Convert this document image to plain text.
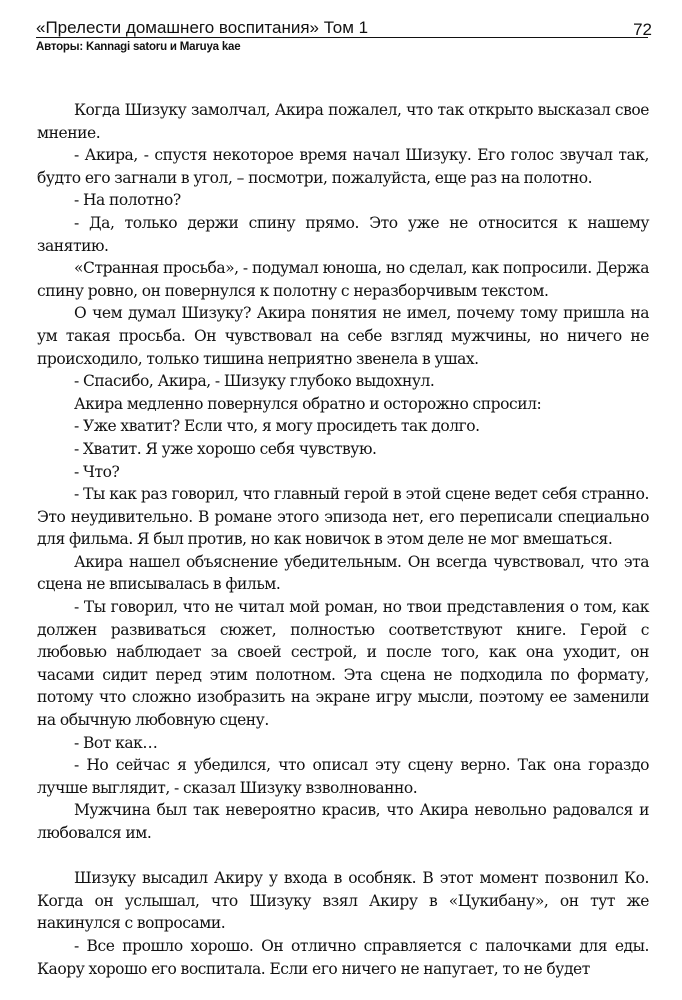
«Прелести домашнего воспитания» Том 1	72
Авторы: Kannagi satoru и Maruya kae

Когда Шизуку замолчал, Акира пожалел, что так открыто высказал свое мнение.

- Акира, - спустя некоторое время начал Шизуку. Его голос звучал так, будто его загнали в угол, – посмотри, пожалуйста, еще раз на полотно.

- На полотно?

- Да, только держи спину прямо. Это уже не относится к нашему занятию.

«Странная просьба», - подумал юноша, но сделал, как попросили. Держа спину ровно, он повернулся к полотну с неразборчивым текстом.

О чем думал Шизуку? Акира понятия не имел, почему тому пришла на ум такая просьба. Он чувствовал на себе взгляд мужчины, но ничего не происходило, только тишина неприятно звенела в ушах.

- Спасибо, Акира, - Шизуку глубоко выдохнул.

Акира медленно повернулся обратно и осторожно спросил:

- Уже хватит? Если что, я могу просидеть так долго.

- Хватит. Я уже хорошо себя чувствую.

- Что?

- Ты как раз говорил, что главный герой в этой сцене ведет себя странно. Это неудивительно. В романе этого эпизода нет, его переписали специально для фильма. Я был против, но как новичок в этом деле не мог вмешаться.

Акира нашел объяснение убедительным. Он всегда чувствовал, что эта сцена не вписывалась в фильм.

- Ты говорил, что не читал мой роман, но твои представления о том, как должен развиваться сюжет, полностью соответствуют книге. Герой с любовью наблюдает за своей сестрой, и после того, как она уходит, он часами сидит перед этим полотном. Эта сцена не подходила по формату, потому что сложно изобразить на экране игру мысли, поэтому ее заменили на обычную любовную сцену.

- Вот как…

- Но сейчас я убедился, что описал эту сцену верно. Так она гораздо лучше выглядит, - сказал Шизуку взволнованно.

Мужчина был так невероятно красив, что Акира невольно радовался и любовался им.

Шизуку высадил Акиру у входа в особняк. В этот момент позвонил Ко. Когда он услышал, что Шизуку взял Акиру в «Цукибану», он тут же накинулся с вопросами.

- Все прошло хорошо. Он отлично справляется с палочками для еды. Каору хорошо его воспитала. Если его ничего не напугает, то не будет
